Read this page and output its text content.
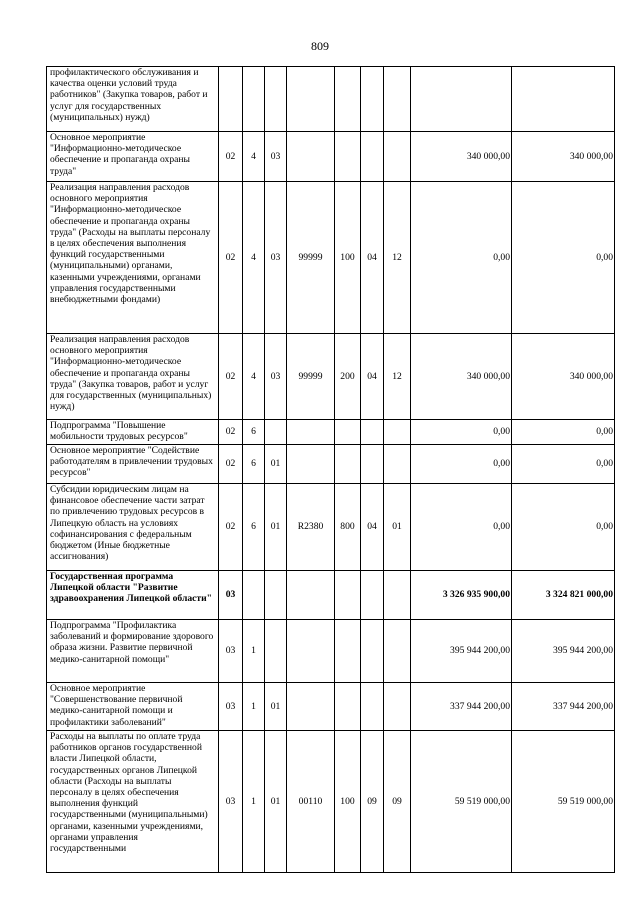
809
профилактического обслуживания и качества оценки условий труда работников" (Закупка товаров, работ и услуг для государственных (муниципальных) нужд)									
Основное мероприятие "Информационно-методическое обеспечение и пропаганда охраны труда"	02	4	03					340 000,00	340 000,00
Реализация направления расходов основного мероприятия "Информационно-методическое обеспечение и пропаганда охраны труда" (Расходы на выплаты персоналу в целях обеспечения выполнения функций государственными (муниципальными) органами, казенными учреждениями, органами управления государственными внебюджетными фондами)	02	4	03	99999	100	04	12	0,00	0,00
Реализация направления расходов основного мероприятия "Информационно-методическое обеспечение и пропаганда охраны труда" (Закупка товаров, работ и услуг для государственных (муниципальных) нужд)	02	4	03	99999	200	04	12	340 000,00	340 000,00
Подпрограмма "Повышение мобильности трудовых ресурсов"	02	6						0,00	0,00
Основное мероприятие "Содействие работодателям в привлечении трудовых ресурсов"	02	6	01					0,00	0,00
Субсидии юридическим лицам на финансовое обеспечение части затрат по привлечению трудовых ресурсов в Липецкую область на условиях софинансирования с федеральным бюджетом (Иные бюджетные ассигнования)	02	6	01	R2380	800	04	01	0,00	0,00
Государственная программа Липецкой области "Развитие здравоохранения Липецкой области"	03							3 326 935 900,00	3 324 821 000,00
Подпрограмма "Профилактика заболеваний и формирование здорового образа жизни. Развитие первичной медико-санитарной помощи"	03	1						395 944 200,00	395 944 200,00
Основное мероприятие "Совершенствование первичной медико-санитарной помощи и профилактики заболеваний"	03	1	01					337 944 200,00	337 944 200,00
Расходы на выплаты по оплате труда работников органов государственной власти Липецкой области, государственных органов Липецкой области (Расходы на выплаты персоналу в целях обеспечения выполнения функций государственными (муниципальными) органами, казенными учреждениями, органами управления государственными	03	1	01	00110	100	09	09	59 519 000,00	59 519 000,00
